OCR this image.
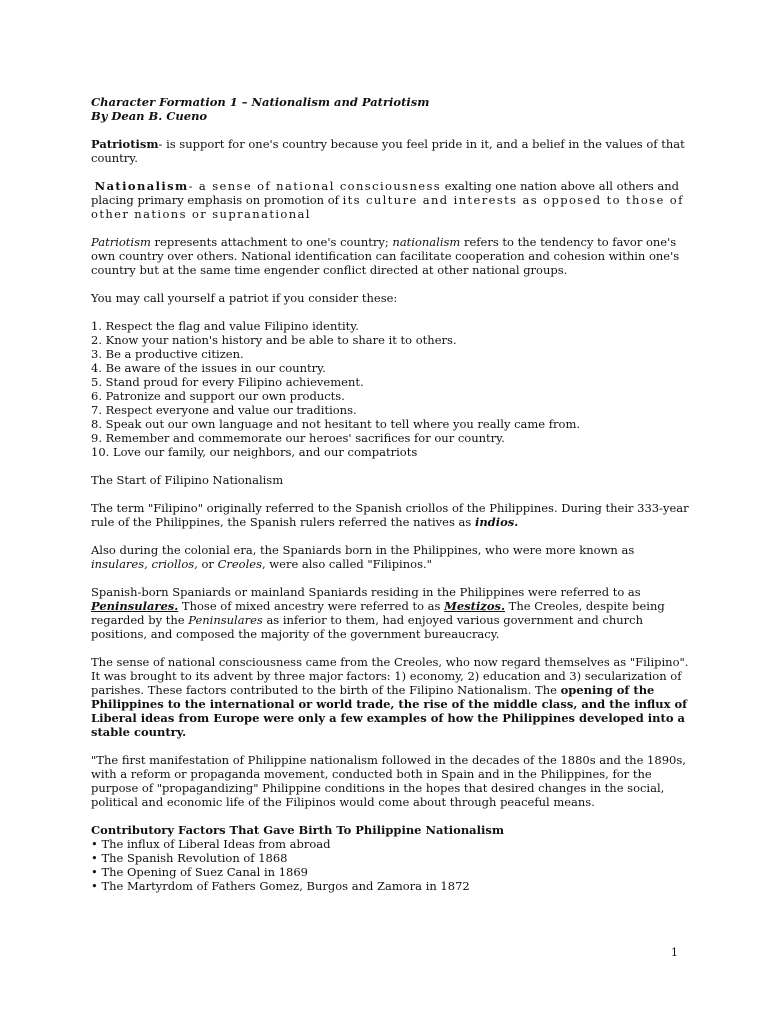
Character Formation 1 – Nationalism and Patriotism

By Dean B. Cueno

Patriotism- is support for one's country because you feel pride in it, and a belief in the values of that country.

Nationalism- a sense of national consciousness exalting one nation above all others and placing primary emphasis on promotion of its culture and interests as opposed to those of other nations or supranational

Patriotism represents attachment to one's country; nationalism refers to the tendency to favor one's own country over others. National identification can facilitate cooperation and cohesion within one's country but at the same time engender conflict directed at other national groups.

You may call yourself a patriot if you consider these:

1. Respect the flag and value Filipino identity.
2. Know your nation's history and be able to share it to others.
3. Be a productive citizen.
4. Be aware of the issues in our country.
5. Stand proud for every Filipino achievement.
6. Patronize and support our own products.
7. Respect everyone and value our traditions.
8. Speak out our own language and not hesitant to tell where you really came from.
9. Remember and commemorate our heroes' sacrifices for our country.
10. Love our family, our neighbors, and our compatriots

The Start of Filipino Nationalism

The term "Filipino" originally referred to the Spanish criollos of the Philippines. During their 333-year rule of the Philippines, the Spanish rulers referred the natives as indios.

Also during the colonial era, the Spaniards born in the Philippines, who were more known as insulares, criollos, or Creoles, were also called "Filipinos."

Spanish-born Spaniards or mainland Spaniards residing in the Philippines were referred to as Peninsulares. Those of mixed ancestry were referred to as Mestizos. The Creoles, despite being regarded by the Peninsulares as inferior to them, had enjoyed various government and church positions, and composed the majority of the government bureaucracy.

The sense of national consciousness came from the Creoles, who now regard themselves as "Filipino". It was brought to its advent by three major factors: 1) economy, 2) education and 3) secularization of parishes. These factors contributed to the birth of the Filipino Nationalism. The opening of the Philippines to the international or world trade, the rise of the middle class, and the influx of Liberal ideas from Europe were only a few examples of how the Philippines developed into a stable country.

"The first manifestation of Philippine nationalism followed in the decades of the 1880s and the 1890s, with a reform or propaganda movement, conducted both in Spain and in the Philippines, for the purpose of "propagandizing" Philippine conditions in the hopes that desired changes in the social, political and economic life of the Filipinos would come about through peaceful means.

Contributory Factors That Gave Birth To Philippine Nationalism

• The influx of Liberal Ideas from abroad
• The Spanish Revolution of 1868
• The Opening of Suez Canal in 1869
• The Martyrdom of Fathers Gomez, Burgos and Zamora in 1872
1
